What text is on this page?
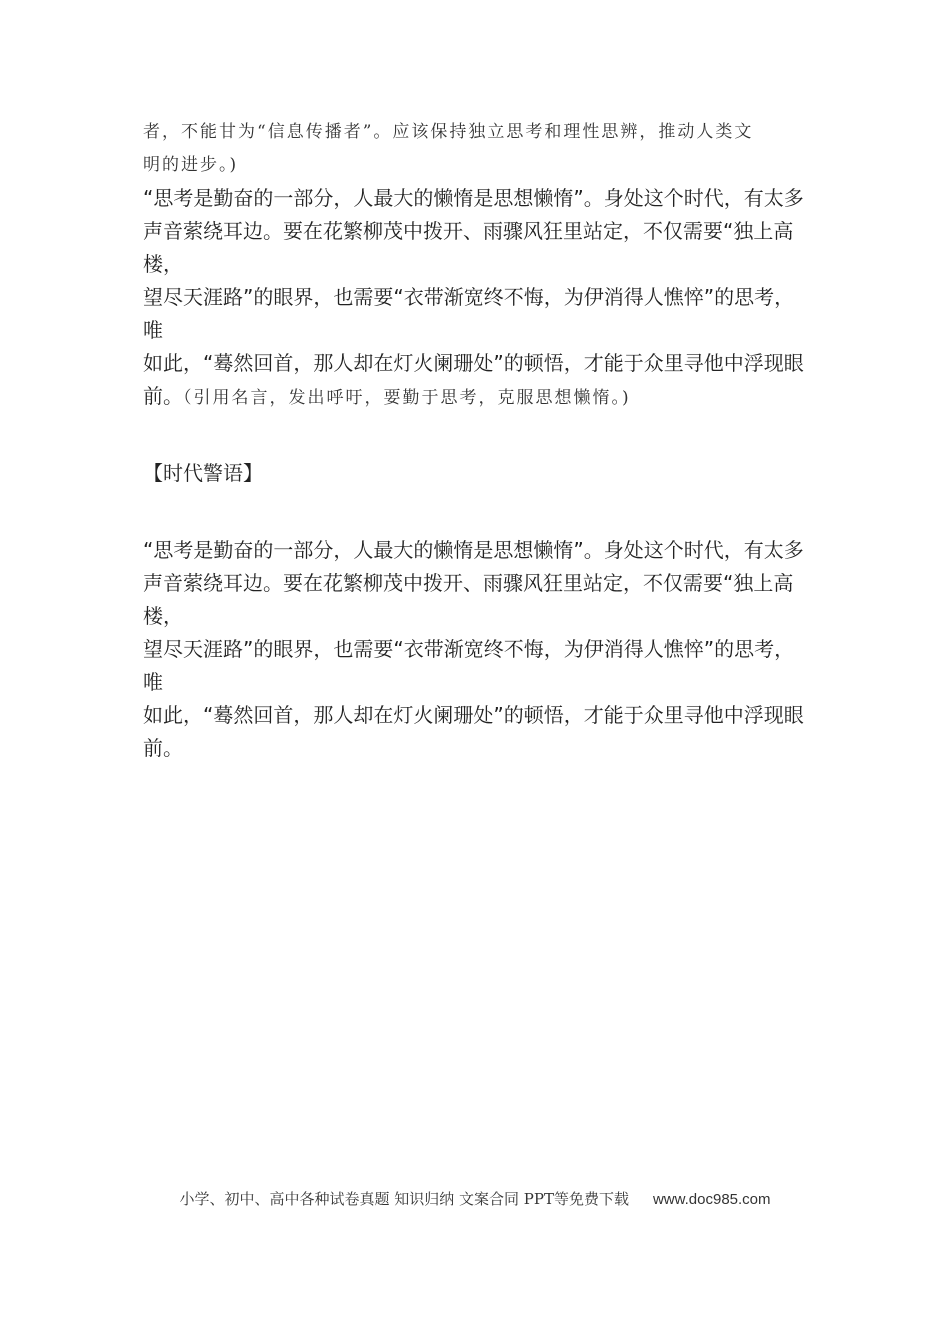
者，不能甘为“信息传播者”。应该保持独立思考和理性思辨，推动人类文

明的进步。)

“思考是勤奋的一部分，人最大的懒惰是思想懒惰”。身处这个时代，有太多

声音萦绕耳边。要在花繁柳茂中拨开、雨骤风狂里站定，不仅需要“独上高楼，

望尽天涯路”的眼界，也需要“衣带渐宽终不悔，为伊消得人憔悴”的思考，唯

如此，“蓦然回首，那人却在灯火阑珊处”的顿悟，才能于众里寻他中浮现眼

前。（引用名言，发出呼吁，要勤于思考，克服思想懒惰。)

【时代警语】

“思考是勤奋的一部分，人最大的懒惰是思想懒惰”。身处这个时代，有太多

声音萦绕耳边。要在花繁柳茂中拨开、雨骤风狂里站定，不仅需要“独上高楼，

望尽天涯路”的眼界，也需要“衣带渐宽终不悔，为伊消得人憔悴”的思考，唯

如此，“蓦然回首，那人却在灯火阑珊处”的顿悟，才能于众里寻他中浮现眼

前。

小学、初中、高中各种试卷真题 知识归纳 文案合同 PPT等免费下载 www.doc985.com
